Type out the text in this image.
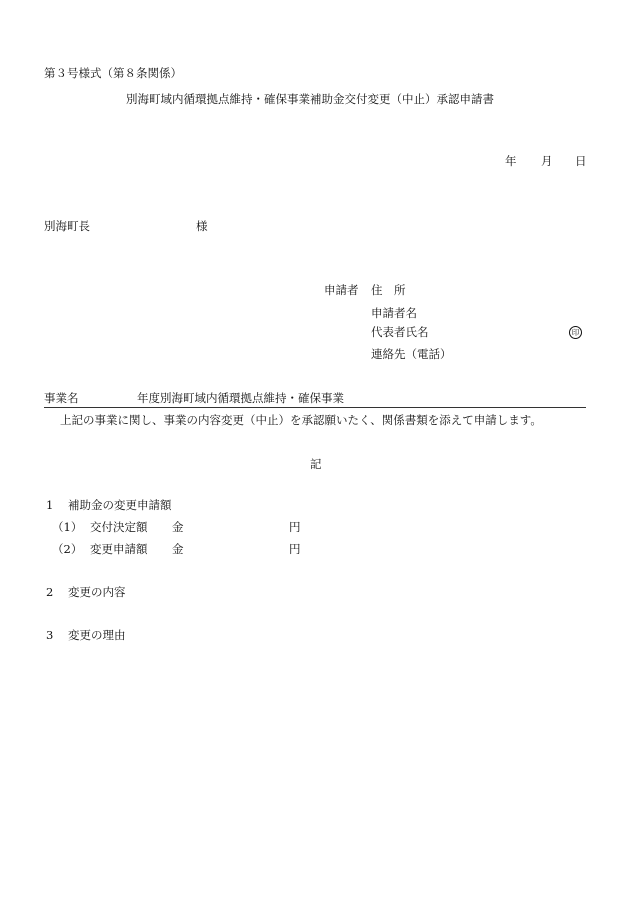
第３号様式（第８条関係）
別海町域内循環拠点維持・確保事業補助金交付変更（中止）承認申請書
年 月 日
別海町長	様
申請者 住　所
申請者名
代表者氏名	印
連絡先（電話）
事業名	年度別海町域内循環拠点維持・確保事業
上記の事業に関し、事業の内容変更（中止）を承認願いたく、関係書類を添えて申請します。
記
1 補助金の変更申請額
（1） 交付決定額 金	円
（2） 変更申請額 金	円
2 変更の内容
3 変更の理由
